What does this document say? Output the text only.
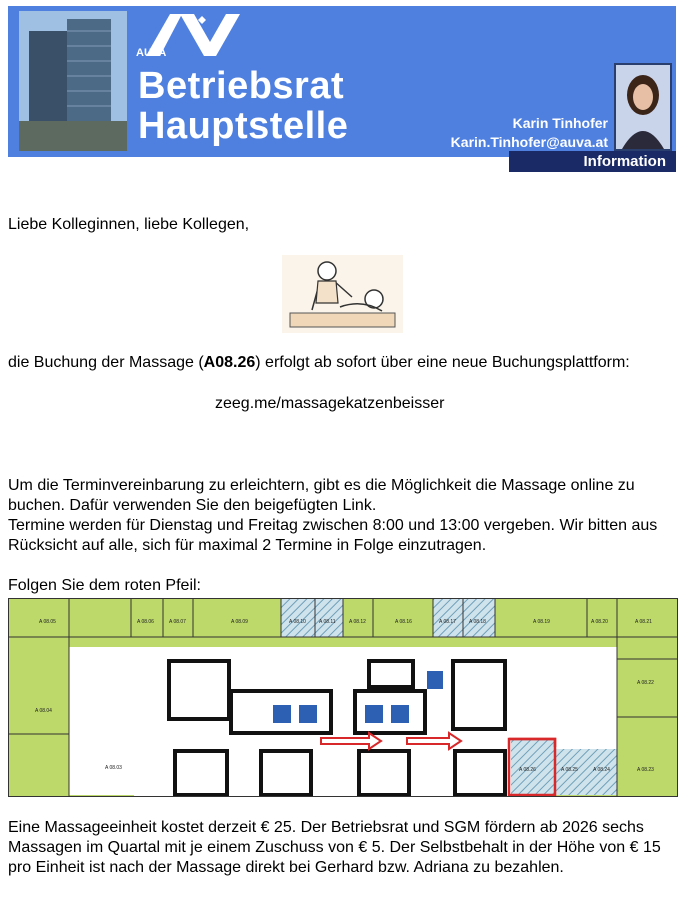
AUVA
Betriebsrat
Hauptstelle	Karin Tinhofer
Karin.Tinhofer@auva.at
Information
Liebe Kolleginnen, liebe Kollegen,
die Buchung der Massage (A08.26) erfolgt ab sofort über eine neue Buchungsplattform:
zeeg.me/massagekatzenbeisser
Um die Terminvereinbarung zu erleichtern, gibt es die Möglichkeit die Massage online zu buchen. Dafür verwenden Sie den beigefügten Link.
Termine werden für Dienstag und Freitag zwischen 8:00 und 13:00 vergeben. Wir bitten aus Rücksicht auf alle, sich für maximal 2 Termine in Folge einzutragen.
Folgen Sie dem roten Pfeil:
A 08.05	A 08.06	A 08.07	A 08.09	A 08.10	A 08.11	A 08.12	A 08.16	A 08.17	A 08.18	A 08.19	A 08.20	A 08.21
A 08.04
A 08.03
A 08.22
A 08.23
A 08.26	A 08.25	A 08.24
Eine Massageeinheit kostet derzeit € 25. Der Betriebsrat und SGM fördern ab 2026 sechs Massagen im Quartal mit je einem Zuschuss von € 5. Der Selbstbehalt in der Höhe von € 15 pro Einheit ist nach der Massage direkt bei Gerhard bzw. Adriana zu bezahlen.
